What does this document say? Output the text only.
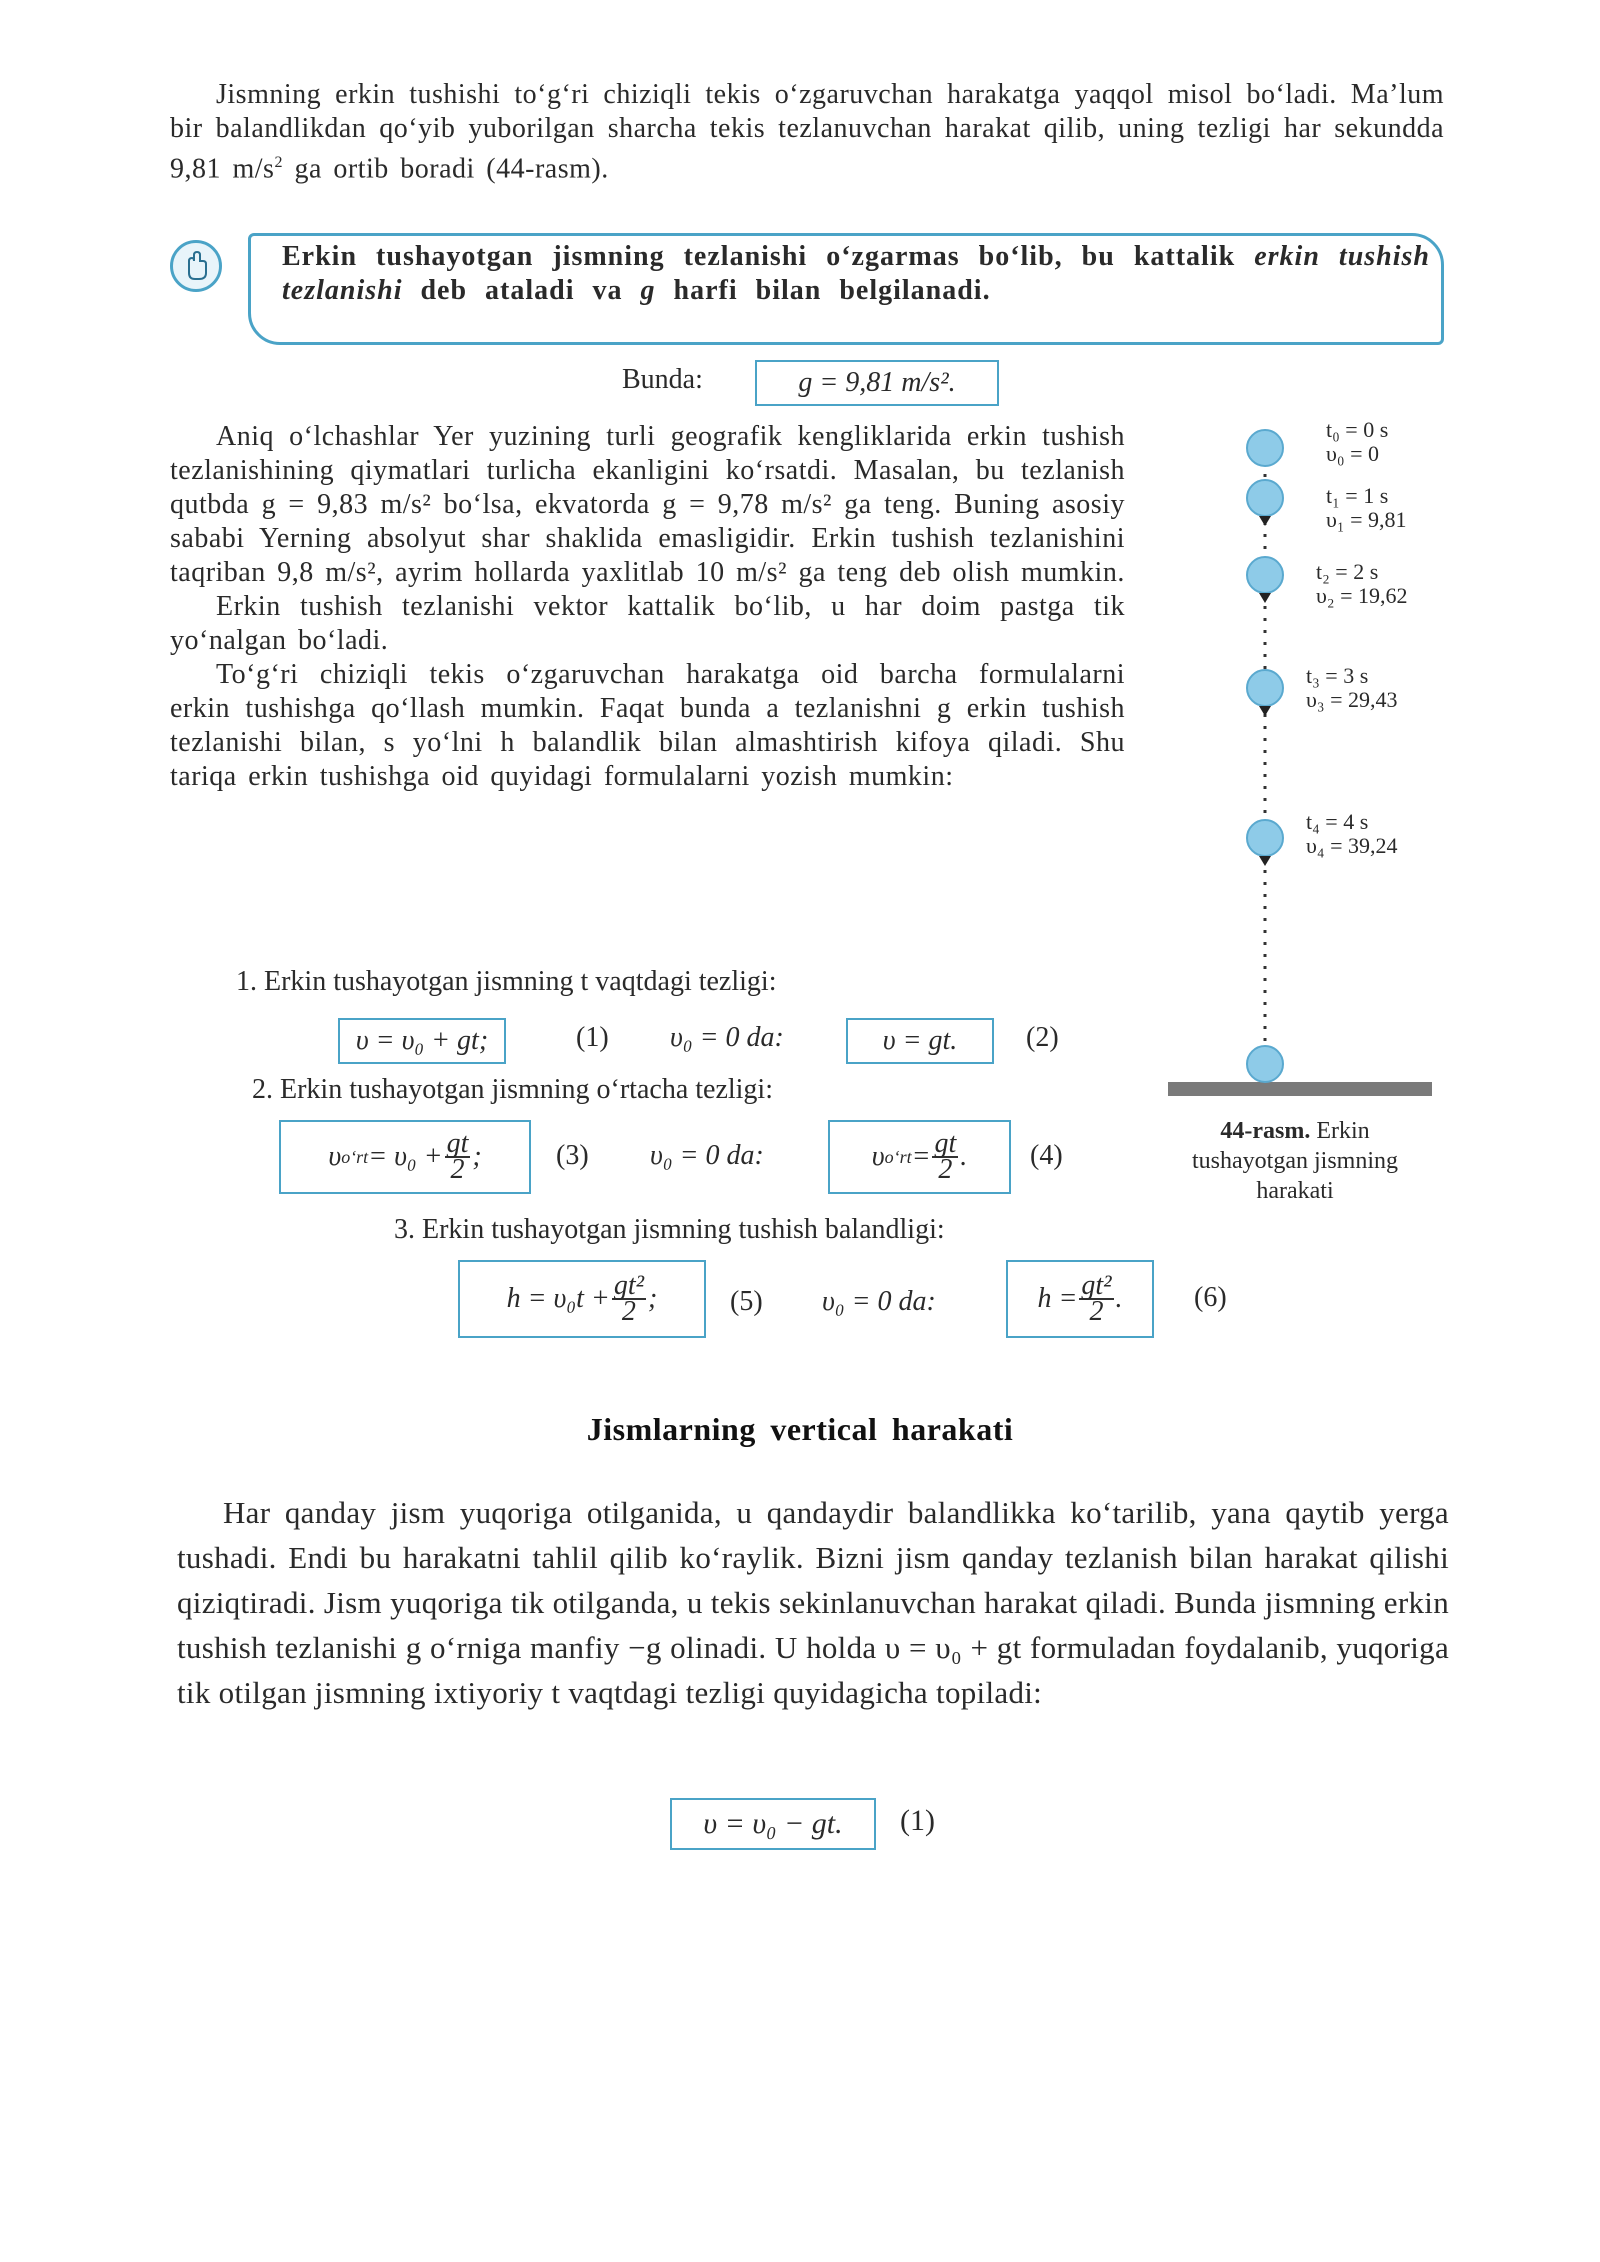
Jismning erkin tushishi to‘g‘ri chiziqli tekis o‘zgaruvchan harakatga yaqqol misol bo‘ladi. Ma’lum bir balandlikdan qo‘yib yuborilgan sharcha tekis tezlanuvchan harakat qilib, uning tezligi har sekundda 9,81 $m/s^2$ ga ortib boradi (44-rasm).

Erkin tushayotgan jismning tezlanishi o‘zgarmas bo‘lib, bu kattalik erkin tushish tezlanishi deb ataladi va g harfi bilan belgilanadi.

Bunda:	g = 9,81 m/s².

Aniq o‘lchashlar Yer yuzining turli geografik kengliklarida erkin tushish tezlanishining qiymatlari turlicha ekanligini ko‘rsatdi. Masalan, bu tezlanish qutbda g = 9,83 m/s² bo‘lsa, ekvatorda g = 9,78 m/s² ga teng. Buning asosiy sababi Yerning absolyut shar shaklida emasligidir. Erkin tushish tezlanishini taqriban 9,8 m/s², ayrim hollarda yaxlitlab 10 m/s² ga teng deb olish mumkin.

Erkin tushish tezlanishi vektor kattalik bo‘lib, u har doim pastga tik yo‘nalgan bo‘ladi.

To‘g‘ri chiziqli tekis o‘zgaruvchan harakatga oid barcha formulalarni erkin tushishga qo‘llash mumkin. Faqat bunda a tezlanishni g erkin tushish tezlanishi bilan, s yo‘lni h balandlik bilan almashtirish kifoya qiladi. Shu tariqa erkin tushishga oid quyidagi formulalarni yozish mumkin:

1. Erkin tushayotgan jismning t vaqtdagi tezligi:
υ = υ₀ + gt;	(1) υ₀ = 0 da:	υ = gt.	(2)
2. Erkin tushayotgan jismning o‘rtacha tezligi:
υ o‘rt = $\upsilon_0 + \frac{gt}{2}$ ;	(3) υ₀ = 0 da:	υ o‘rt = $\frac{gt}{2}$ . (4)
3. Erkin tushayotgan jismning tushish balandligi:
$h = \upsilon_0t + \frac{\text{gt²}}{2}$ ;	(5) υ₀ = 0 da:	$h = \frac{\text{gt²}}{2}$ .	(6)
t₀ = 0 s
υ₀ = 0
t₁ = 1 s
υ₁ = 9,81
t₂ = 2 s
υ₂ = 19,62
t₃ = 3 s
υ₃ = 29,43
t₄ = 4 s
υ₄ = 39,24
44-rasm. Erkin tushayotgan jismning harakati
Jismlarning vertical harakati

Har qanday jism yuqoriga otilganida, u qandaydir balandlikka ko‘tarilib, yana qaytib yerga tushadi. Endi bu harakatni tahlil qilib ko‘raylik. Bizni jism qanday tezlanish bilan harakat qilishi qiziqtiradi. Jism yuqoriga tik otilganda, u tekis sekinlanuvchan harakat qiladi. Bunda jismning erkin tushish tezlanishi g o‘rniga manfiy −g olinadi. U holda υ = υ₀ + gt formuladan foydalanib, yuqoriga tik otilgan jismning ixtiyoriy t vaqtdagi tezligi quyidagicha topiladi:

υ = υ₀ − gt.	(1)
